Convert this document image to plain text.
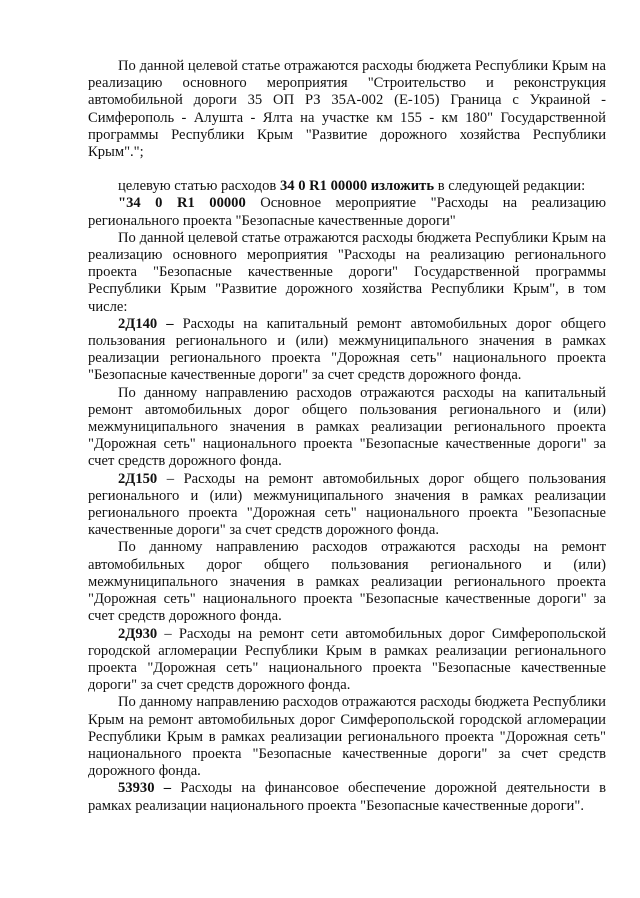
По данной целевой статье отражаются расходы бюджета Республики Крым на реализацию основного мероприятия "Строительство и реконструкция автомобильной дороги 35 ОП РЗ 35А-002 (Е-105) Граница с Украиной - Симферополь - Алушта - Ялта на участке км 155 - км 180" Государственной программы Республики Крым "Развитие дорожного хозяйства Республики Крым".";

целевую статью расходов 34 0 R1 00000 изложить в следующей редакции:

"34 0 R1 00000 Основное мероприятие "Расходы на реализацию регионального проекта "Безопасные качественные дороги"

По данной целевой статье отражаются расходы бюджета Республики Крым на реализацию основного мероприятия "Расходы на реализацию регионального проекта "Безопасные качественные дороги" Государственной программы Республики Крым "Развитие дорожного хозяйства Республики Крым", в том числе:

2Д140 – Расходы на капитальный ремонт автомобильных дорог общего пользования регионального и (или) межмуниципального значения в рамках реализации регионального проекта "Дорожная сеть" национального проекта "Безопасные качественные дороги" за счет средств дорожного фонда.

По данному направлению расходов отражаются расходы на капитальный ремонт автомобильных дорог общего пользования регионального и (или) межмуниципального значения в рамках реализации регионального проекта "Дорожная сеть" национального проекта "Безопасные качественные дороги" за счет средств дорожного фонда.

2Д150 – Расходы на ремонт автомобильных дорог общего пользования регионального и (или) межмуниципального значения в рамках реализации регионального проекта "Дорожная сеть" национального проекта "Безопасные качественные дороги" за счет средств дорожного фонда.

По данному направлению расходов отражаются расходы на ремонт автомобильных дорог общего пользования регионального и (или) межмуниципального значения в рамках реализации регионального проекта "Дорожная сеть" национального проекта "Безопасные качественные дороги" за счет средств дорожного фонда.

2Д930 – Расходы на ремонт сети автомобильных дорог Симферопольской городской агломерации Республики Крым в рамках реализации регионального проекта "Дорожная сеть" национального проекта "Безопасные качественные дороги" за счет средств дорожного фонда.

По данному направлению расходов отражаются расходы бюджета Республики Крым на ремонт автомобильных дорог Симферопольской городской агломерации Республики Крым в рамках реализации регионального проекта "Дорожная сеть" национального проекта "Безопасные качественные дороги" за счет средств дорожного фонда.

53930 – Расходы на финансовое обеспечение дорожной деятельности в рамках реализации национального проекта "Безопасные качественные дороги".
